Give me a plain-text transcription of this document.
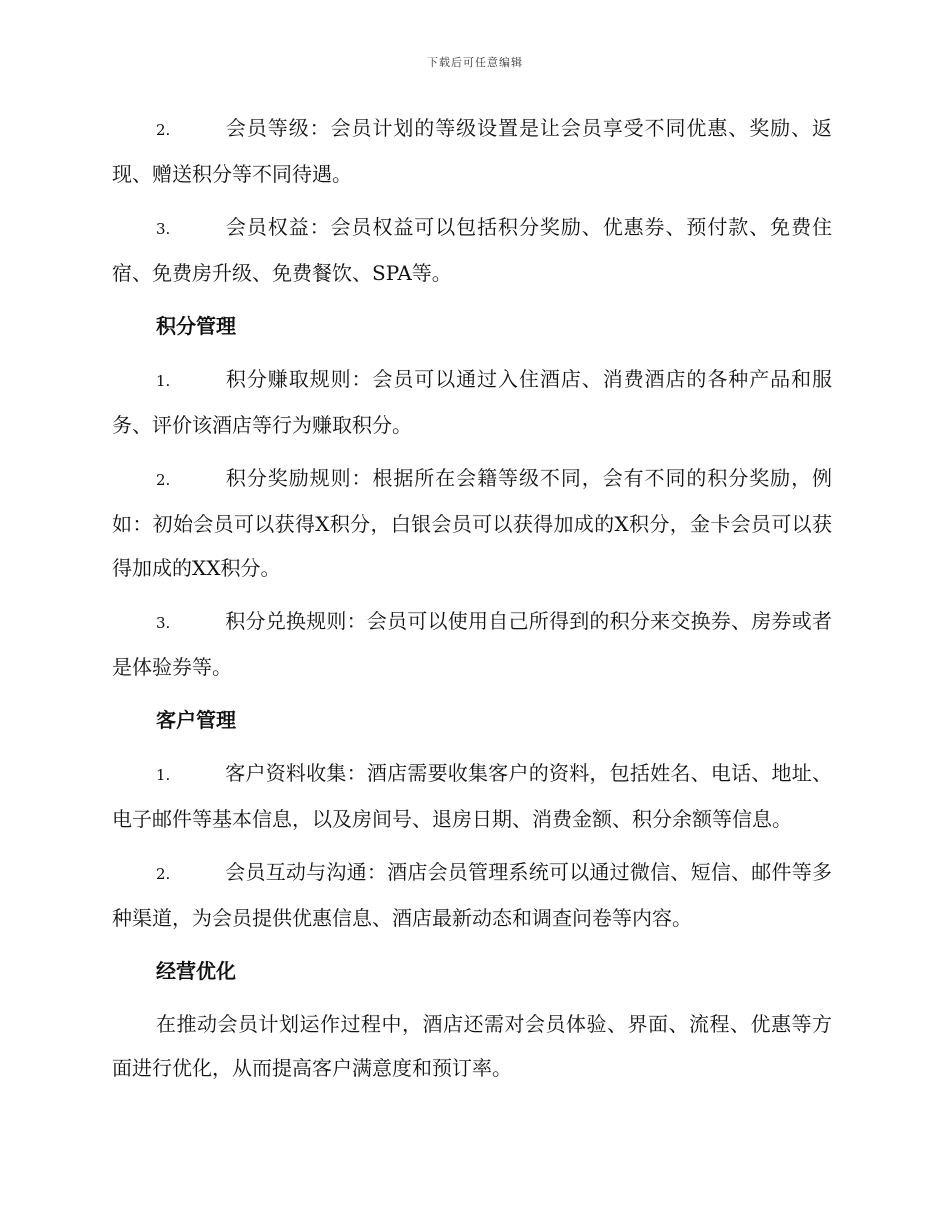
下载后可任意编辑

2.	会员等级：会员计划的等级设置是让会员享受不同优惠、奖励、返现、赠送积分等不同待遇。

3.	会员权益：会员权益可以包括积分奖励、优惠券、预付款、免费住宿、免费房升级、免费餐饮、SPA等。

积分管理

1.	积分赚取规则：会员可以通过入住酒店、消费酒店的各种产品和服务、评价该酒店等行为赚取积分。

2.	积分奖励规则：根据所在会籍等级不同，会有不同的积分奖励，例如：初始会员可以获得X积分，白银会员可以获得加成的X积分，金卡会员可以获得加成的XX积分。

3.	积分兑换规则：会员可以使用自己所得到的积分来交换券、房券或者是体验券等。

客户管理

1.	客户资料收集：酒店需要收集客户的资料，包括姓名、电话、地址、电子邮件等基本信息，以及房间号、退房日期、消费金额、积分余额等信息。

2.	会员互动与沟通：酒店会员管理系统可以通过微信、短信、邮件等多种渠道，为会员提供优惠信息、酒店最新动态和调查问卷等内容。

经营优化

在推动会员计划运作过程中，酒店还需对会员体验、界面、流程、优惠等方面进行优化，从而提高客户满意度和预订率。
